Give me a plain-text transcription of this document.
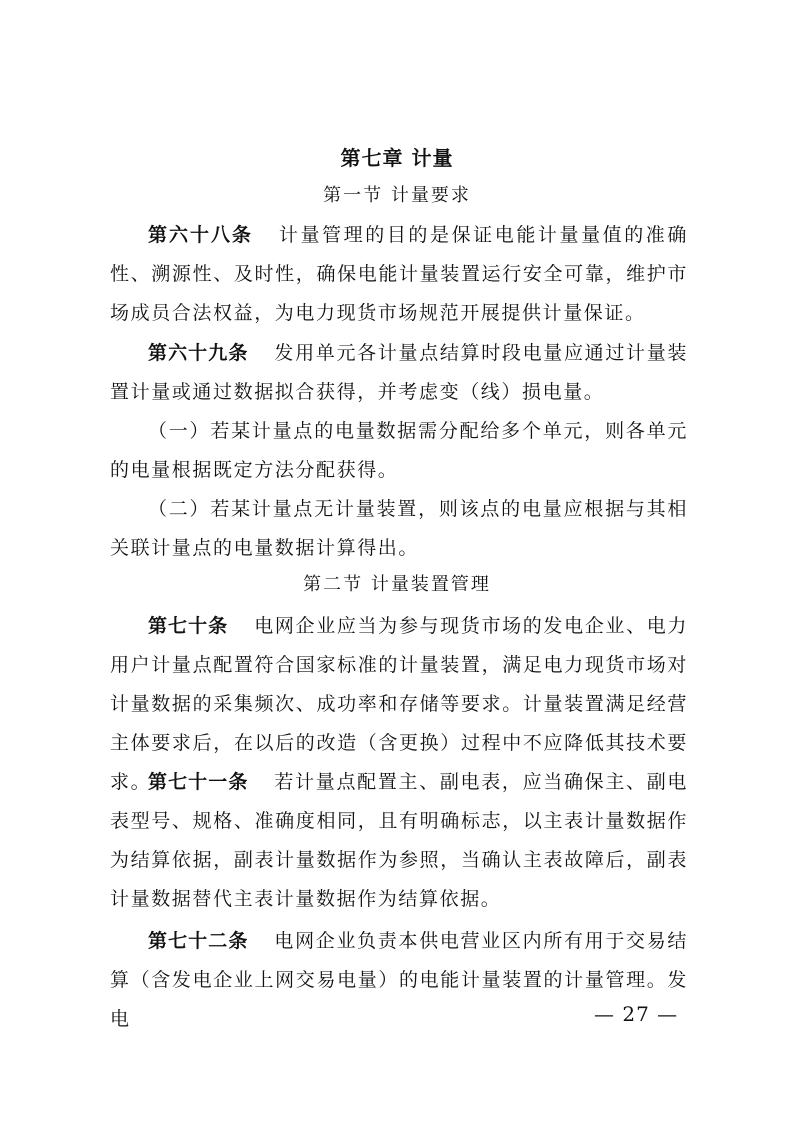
第七章 计量
第一节 计量要求
第六十八条 计量管理的目的是保证电能计量量值的准确性、溯源性、及时性，确保电能计量装置运行安全可靠，维护市场成员合法权益，为电力现货市场规范开展提供计量保证。
第六十九条 发用单元各计量点结算时段电量应通过计量装置计量或通过数据拟合获得，并考虑变（线）损电量。
（一）若某计量点的电量数据需分配给多个单元，则各单元的电量根据既定方法分配获得。
（二）若某计量点无计量装置，则该点的电量应根据与其相关联计量点的电量数据计算得出。
第二节 计量装置管理
第七十条 电网企业应当为参与现货市场的发电企业、电力用户计量点配置符合国家标准的计量装置，满足电力现货市场对计量数据的采集频次、成功率和存储等要求。计量装置满足经营主体要求后，在以后的改造（含更换）过程中不应降低其技术要求。
第七十一条 若计量点配置主、副电表，应当确保主、副电表型号、规格、准确度相同，且有明确标志，以主表计量数据作为结算依据，副表计量数据作为参照，当确认主表故障后，副表计量数据替代主表计量数据作为结算依据。
第七十二条 电网企业负责本供电营业区内所有用于交易结算（含发电企业上网交易电量）的电能计量装置的计量管理。发电	— 27 —
